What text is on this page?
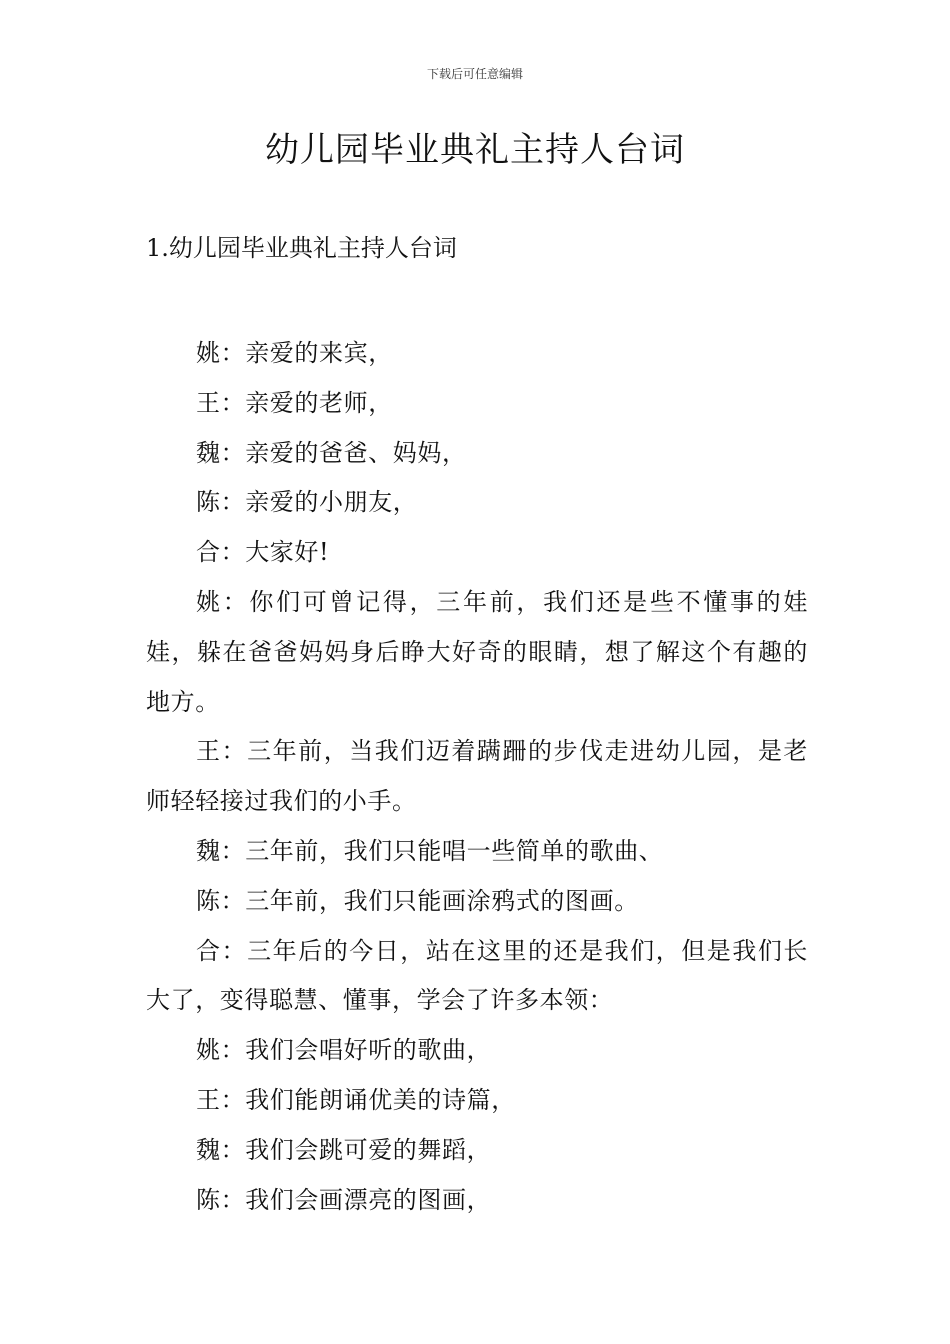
下载后可任意编辑
幼儿园毕业典礼主持人台词
1.幼儿园毕业典礼主持人台词

姚：亲爱的来宾，

王：亲爱的老师，

魏：亲爱的爸爸、妈妈，

陈：亲爱的小朋友，

合：大家好!

姚：你们可曾记得，三年前，我们还是些不懂事的娃娃，躲在爸爸妈妈身后睁大好奇的眼睛，想了解这个有趣的地方。

王：三年前，当我们迈着蹒跚的步伐走进幼儿园，是老师轻轻接过我们的小手。

魏：三年前，我们只能唱一些简单的歌曲、

陈：三年前，我们只能画涂鸦式的图画。

合：三年后的今日，站在这里的还是我们，但是我们长大了，变得聪慧、懂事，学会了许多本领：

姚：我们会唱好听的歌曲，

王：我们能朗诵优美的诗篇，

魏：我们会跳可爱的舞蹈，

陈：我们会画漂亮的图画，
